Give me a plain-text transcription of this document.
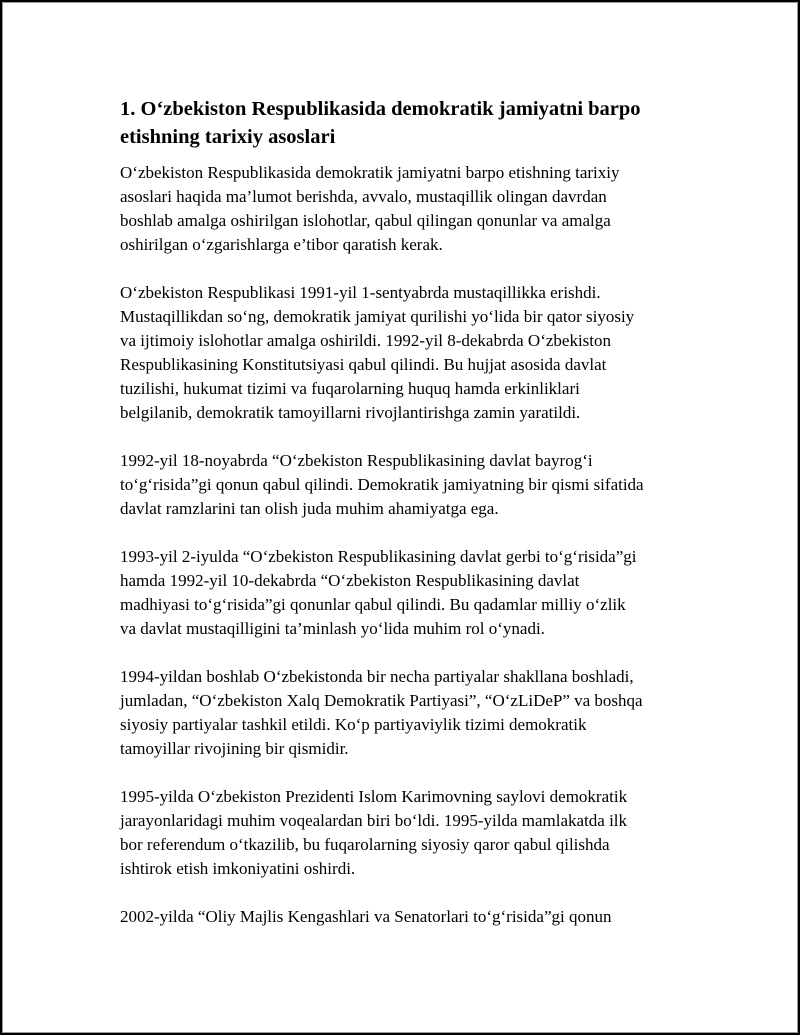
1. O‘zbekiston Respublikasida demokratik jamiyatni barpo
etishning tarixiy asoslari

O‘zbekiston Respublikasida demokratik jamiyatni barpo etishning tarixiy
asoslari haqida ma’lumot berishda, avvalo, mustaqillik olingan davrdan
boshlab amalga oshirilgan islohotlar, qabul qilingan qonunlar va amalga
oshirilgan o‘zgarishlarga e’tibor qaratish kerak.

O‘zbekiston Respublikasi 1991-yil 1-sentyabrda mustaqillikka erishdi.
Mustaqillikdan so‘ng, demokratik jamiyat qurilishi yo‘lida bir qator siyosiy
va ijtimoiy islohotlar amalga oshirildi. 1992-yil 8-dekabrda O‘zbekiston
Respublikasining Konstitutsiyasi qabul qilindi. Bu hujjat asosida davlat
tuzilishi, hukumat tizimi va fuqarolarning huquq hamda erkinliklari
belgilanib, demokratik tamoyillarni rivojlantirishga zamin yaratildi.

1992-yil 18-noyabrda “O‘zbekiston Respublikasining davlat bayrog‘i
to‘g‘risida”gi qonun qabul qilindi. Demokratik jamiyatning bir qismi sifatida
davlat ramzlarini tan olish juda muhim ahamiyatga ega.

1993-yil 2-iyulda “O‘zbekiston Respublikasining davlat gerbi to‘g‘risida”gi
hamda 1992-yil 10-dekabrda “O‘zbekiston Respublikasining davlat
madhiyasi to‘g‘risida”gi qonunlar qabul qilindi. Bu qadamlar milliy o‘zlik
va davlat mustaqilligini ta’minlash yo‘lida muhim rol o‘ynadi.

1994-yildan boshlab O‘zbekistonda bir necha partiyalar shakllana boshladi,
jumladan, “O‘zbekiston Xalq Demokratik Partiyasi”, “O‘zLiDeP” va boshqa
siyosiy partiyalar tashkil etildi. Ko‘p partiyaviylik tizimi demokratik
tamoyillar rivojining bir qismidir.

1995-yilda O‘zbekiston Prezidenti Islom Karimovning saylovi demokratik
jarayonlaridagi muhim voqealardan biri bo‘ldi. 1995-yilda mamlakatda ilk
bor referendum o‘tkazilib, bu fuqarolarning siyosiy qaror qabul qilishda
ishtirok etish imkoniyatini oshirdi.

2002-yilda “Oliy Majlis Kengashlari va Senatorlari to‘g‘risida”gi qonun
